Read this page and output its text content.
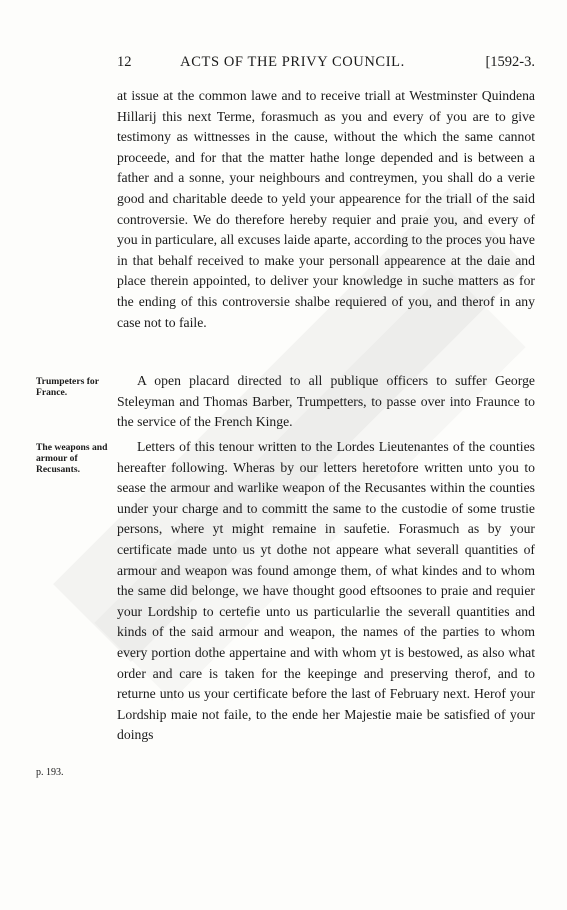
12	ACTS OF THE PRIVY COUNCIL.	[1592-3.

at issue at the common lawe and to receive triall at Westminster Quindena Hillarij this next Terme, forasmuch as you and every of you are to give testimony as wittnesses in the cause, without the which the same cannot proceede, and for that the matter hathe longe depended and is between a father and a sonne, your neighbours and contreymen, you shall do a verie good and charitable deede to yeld your appearence for the triall of the said controversie. We do therefore hereby requier and praie you, and every of you in particulare, all excuses laide aparte, according to the proces you have in that behalf received to make your personall appearence at the daie and place therein appointed, to deliver your knowledge in suche matters as for the ending of this controversie shalbe requiered of you, and therof in any case not to faile.

Trumpeters for France.

A open placard directed to all publique officers to suffer George Steleyman and Thomas Barber, Trumpetters, to passe over into Fraunce to the service of the French Kinge.

The weapons and armour of Recusants.

Letters of this tenour written to the Lordes Lieutenantes of the counties hereafter following. Wheras by our letters heretofore written unto you to sease the armour and warlike weapon of the Recusantes within the counties under your charge and to committ the same to the custodie of some trustie persons, where yt might remaine in saufetie. Forasmuch as by your certificate made unto us yt dothe not appeare what severall quantities of armour and weapon was found amonge them, of what kindes and to whom the same did belonge, we have thought good eftsoones to praie and requier your Lordship to certefie unto us particularlie the severall quantities and kinds of the said armour and weapon, the names of the parties to whom every portion dothe appertaine and with whom yt is bestowed, as also what order and care is taken for the keepinge and preserving therof, and to returne unto us your certificate before the last of February next. Herof your Lordship maie not faile, to the ende her Majestie maie be satisfied of your doings

p. 193.
